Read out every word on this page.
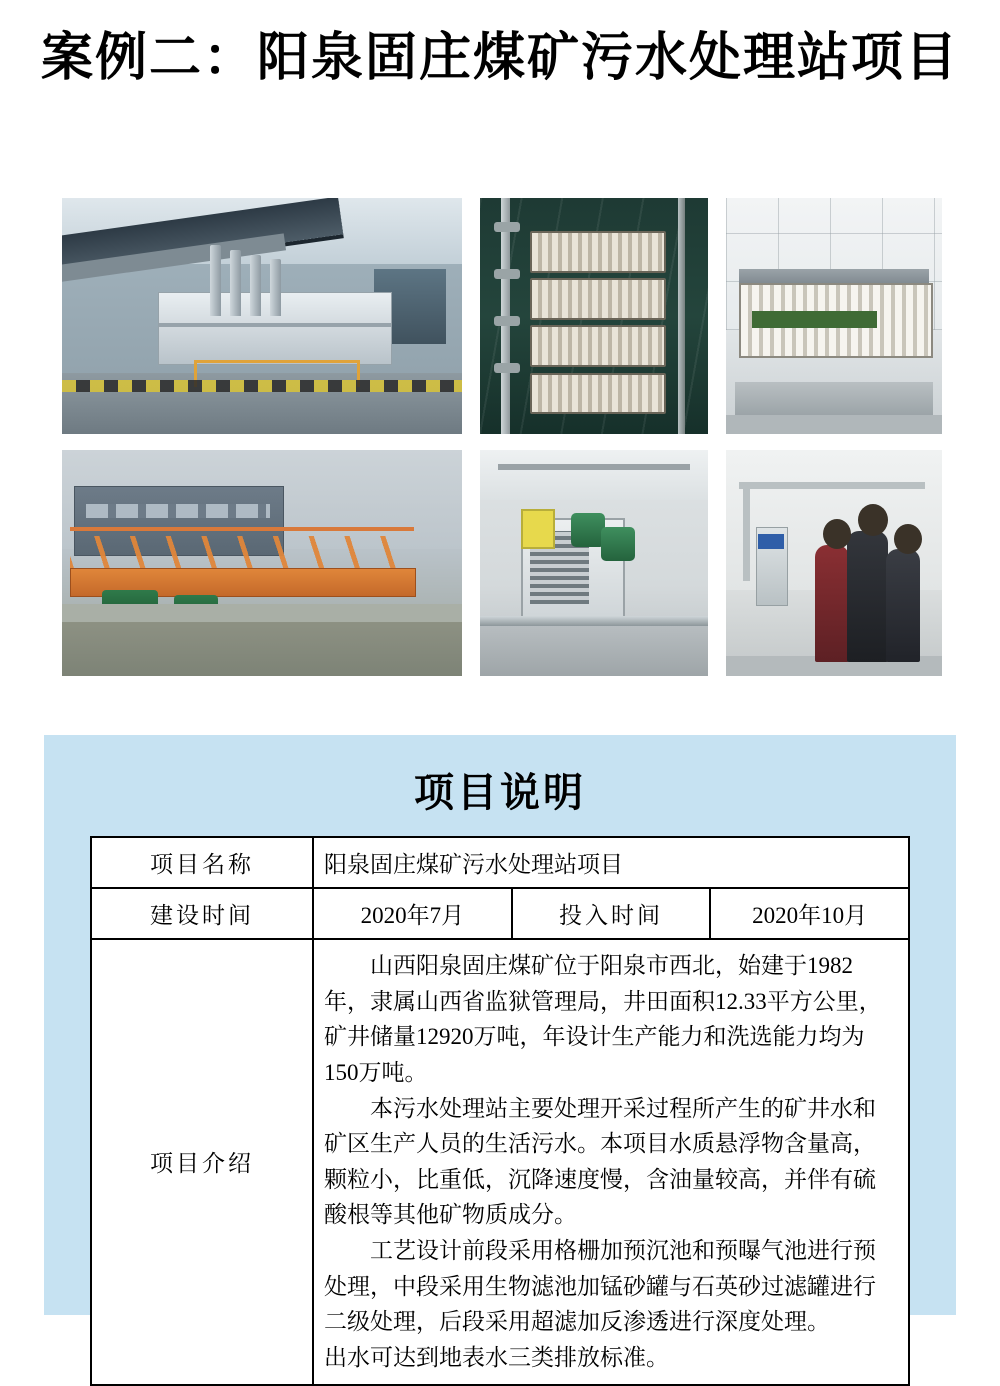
案例二：阳泉固庄煤矿污水处理站项目
项目说明
项目名称	阳泉固庄煤矿污水处理站项目		
建设时间	2020年7月	投入时间	2020年10月
项目介绍	山西阳泉固庄煤矿位于阳泉市西北，始建于1982年，隶属山西省监狱管理局，井田面积12.33平方公里，矿井储量12920万吨，年设计生产能力和洗选能力均为150万吨。

本污水处理站主要处理开采过程所产生的矿井水和矿区生产人员的生活污水。本项目水质悬浮物含量高，颗粒小，比重低，沉降速度慢，含油量较高，并伴有硫酸根等其他矿物质成分。

工艺设计前段采用格栅加预沉池和预曝气池进行预处理，中段采用生物滤池加锰砂罐与石英砂过滤罐进行二级处理，后段采用超滤加反渗透进行深度处理。

出水可达到地表水三类排放标准。		
